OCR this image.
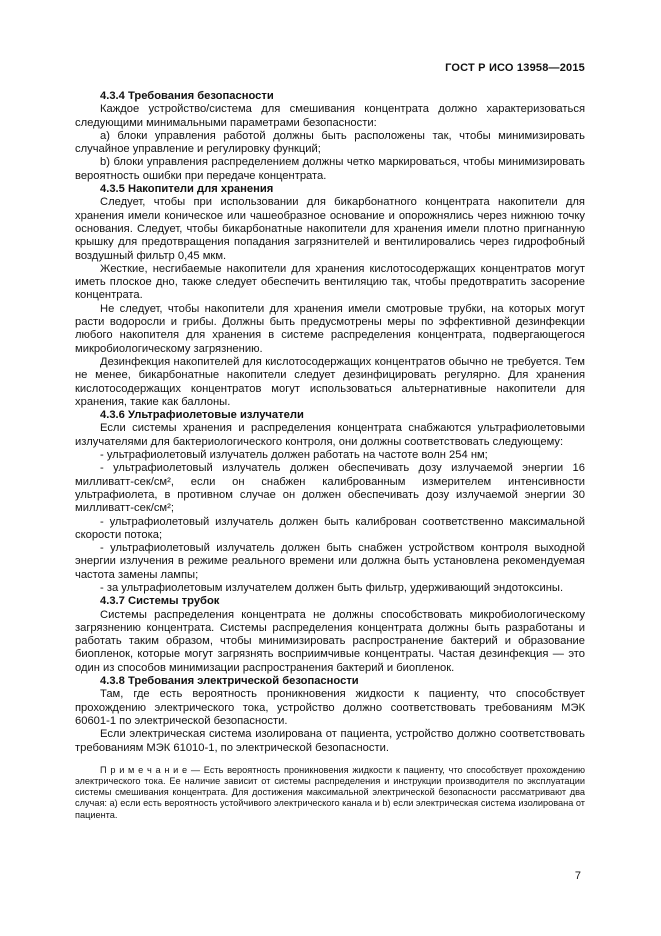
ГОСТ Р ИСО 13958—2015

4.3.4 Требования безопасности

Каждое устройство/система для смешивания концентрата должно характеризоваться следующими минимальными параметрами безопасности:

a) блоки управления работой должны быть расположены так, чтобы минимизировать случайное управление и регулировку функций;

b) блоки управления распределением должны четко маркироваться, чтобы минимизировать вероятность ошибки при передаче концентрата.

4.3.5 Накопители для хранения

Следует, чтобы при использовании для бикарбонатного концентрата накопители для хранения имели коническое или чашеобразное основание и опорожнялись через нижнюю точку основания. Следует, чтобы бикарбонатные накопители для хранения имели плотно пригнанную крышку для предотвращения попадания загрязнителей и вентилировались через гидрофобный воздушный фильтр 0,45 мкм.

Жесткие, несгибаемые накопители для хранения кислотосодержащих концентратов могут иметь плоское дно, также следует обеспечить вентиляцию так, чтобы предотвратить засорение концентрата.

Не следует, чтобы накопители для хранения имели смотровые трубки, на которых могут расти водоросли и грибы. Должны быть предусмотрены меры по эффективной дезинфекции любого накопителя для хранения в системе распределения концентрата, подвергающегося микробиологическому загрязнению.

Дезинфекция накопителей для кислотосодержащих концентратов обычно не требуется. Тем не менее, бикарбонатные накопители следует дезинфицировать регулярно. Для хранения кислотосодержащих концентратов могут использоваться альтернативные накопители для хранения, такие как баллоны.

4.3.6 Ультрафиолетовые излучатели

Если системы хранения и распределения концентрата снабжаются ультрафиолетовыми излучателями для бактериологического контроля, они должны соответствовать следующему:

- ультрафиолетовый излучатель должен работать на частоте волн 254 нм;

- ультрафиолетовый излучатель должен обеспечивать дозу излучаемой энергии 16 милливатт-сек/см², если он снабжен калиброванным измерителем интенсивности ультрафиолета, в противном случае он должен обеспечивать дозу излучаемой энергии 30 милливатт-сек/см²;

- ультрафиолетовый излучатель должен быть калиброван соответственно максимальной скорости потока;

- ультрафиолетовый излучатель должен быть снабжен устройством контроля выходной энергии излучения в режиме реального времени или должна быть установлена рекомендуемая частота замены лампы;

- за ультрафиолетовым излучателем должен быть фильтр, удерживающий эндотоксины.

4.3.7 Системы трубок

Системы распределения концентрата не должны способствовать микробиологическому загрязнению концентрата. Системы распределения концентрата должны быть разработаны и работать таким образом, чтобы минимизировать распространение бактерий и образование биопленок, которые могут загрязнять восприимчивые концентраты. Частая дезинфекция — это один из способов минимизации распространения бактерий и биопленок.

4.3.8 Требования электрической безопасности

Там, где есть вероятность проникновения жидкости к пациенту, что способствует прохождению электрического тока, устройство должно соответствовать требованиям МЭК 60601-1 по электрической безопасности.

Если электрическая система изолирована от пациента, устройство должно соответствовать требованиям МЭК 61010-1, по электрической безопасности.

П р и м е ч а н и е — Есть вероятность проникновения жидкости к пациенту, что способствует прохождению электрического тока. Ее наличие зависит от системы распределения и инструкции производителя по эксплуатации системы смешивания концентрата. Для достижения максимальной электрической безопасности рассматривают два случая: a) если есть вероятность устойчивого электрического канала и b) если электрическая система изолирована от пациента.

7
